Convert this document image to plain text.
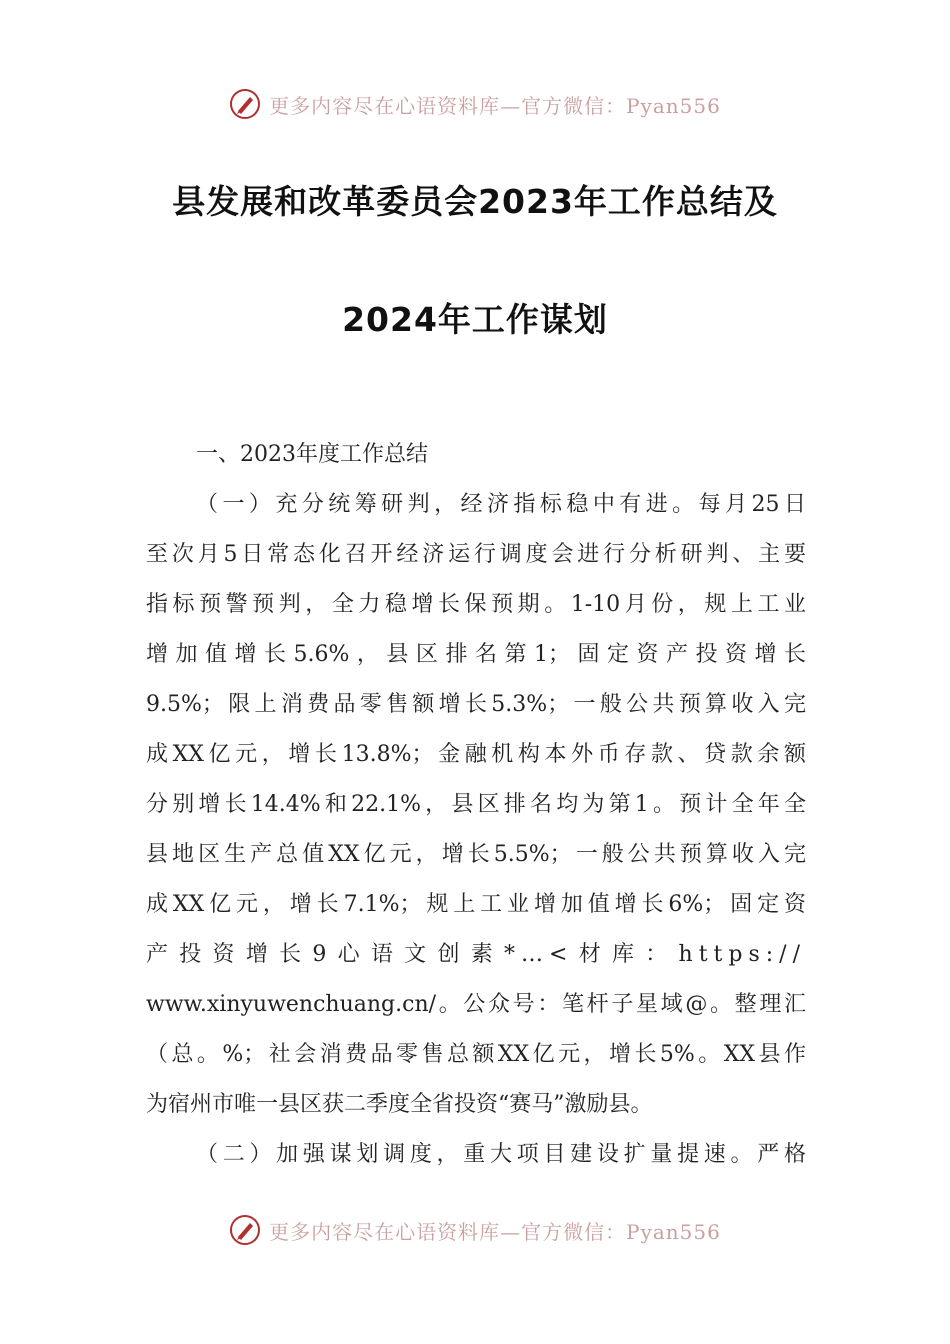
更多内容尽在心语资料库—官方微信：Pyan556
县发展和改革委员会2023年工作总结及
2024年工作谋划
一、2023年度工作总结
（一）充分统筹研判，经济指标稳中有进。每月25日
至次月5日常态化召开经济运行调度会进行分析研判、主要
指标预警预判，全力稳增长保预期。1-10月份，规上工业
增加值增长5.6%，县区排名第1；固定资产投资增长
9.5%；限上消费品零售额增长5.3%；一般公共预算收入完
成XX亿元，增长13.8%；金融机构本外币存款、贷款余额
分别增长14.4%和22.1%，县区排名均为第1。预计全年全
县地区生产总值XX亿元，增长5.5%；一般公共预算收入完
成XX亿元，增长7.1%；规上工业增加值增长6%；固定资
产投资增长9心语文创素*…<材库：https://
www.xinyuwenchuang.cn/。公众号：笔杆子星域@。整理汇
（总。%；社会消费品零售总额XX亿元，增长5%。XX县作
为宿州市唯一县区获二季度全省投资“赛马”激励县。
（二）加强谋划调度，重大项目建设扩量提速。严格
更多内容尽在心语资料库—官方微信：Pyan556
